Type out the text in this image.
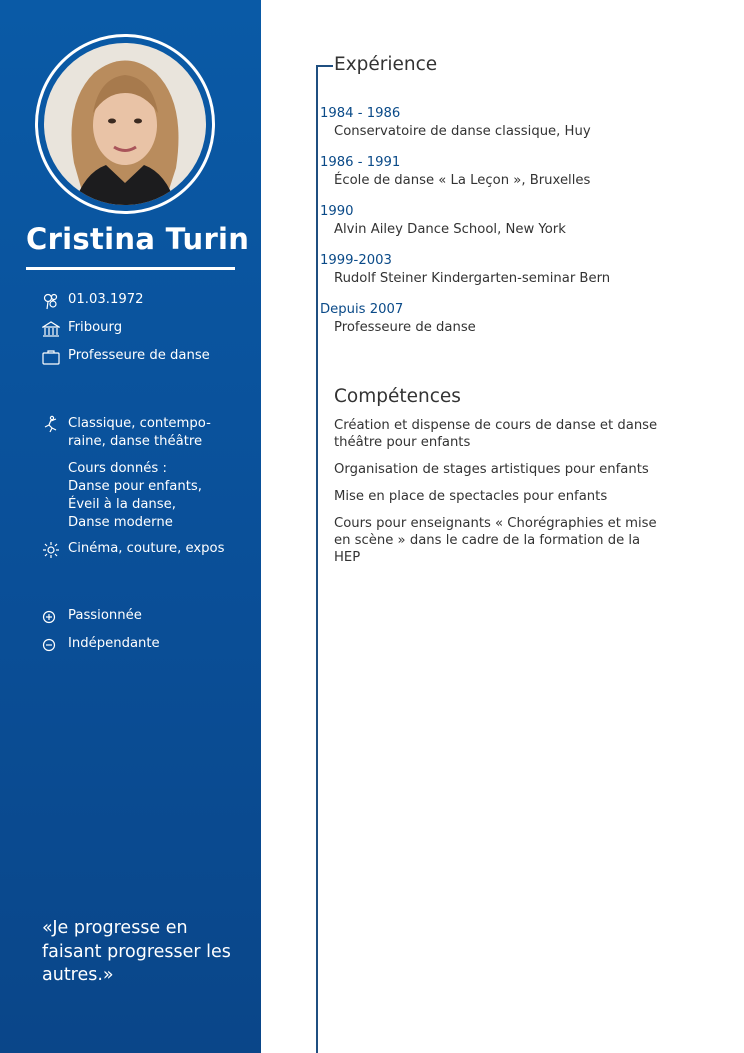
Cristina Turin
01.03.1972
Fribourg
Professeure de danse
Classique, contempo-
raine, danse théâtre
Cours donnés :
Danse pour enfants,
Éveil à la danse,
Danse moderne
Cinéma, couture, expos
Passionnée
Indépendante
«Je progresse en
faisant progresser les
autres.»
Expérience
1984 - 1986
Conservatoire de danse classique, Huy
1986 - 1991
École de danse « La Leçon », Bruxelles
1990
Alvin Ailey Dance School, New York
1999-2003
Rudolf Steiner Kindergarten-seminar Bern
Depuis 2007
Professeure de danse
Compétences
Création et dispense de cours de danse et danse
théâtre pour enfants
Organisation de stages artistiques pour enfants
Mise en place de spectacles pour enfants
Cours pour enseignants « Chorégraphies et mise
en scène » dans le cadre de la formation de la
HEP
